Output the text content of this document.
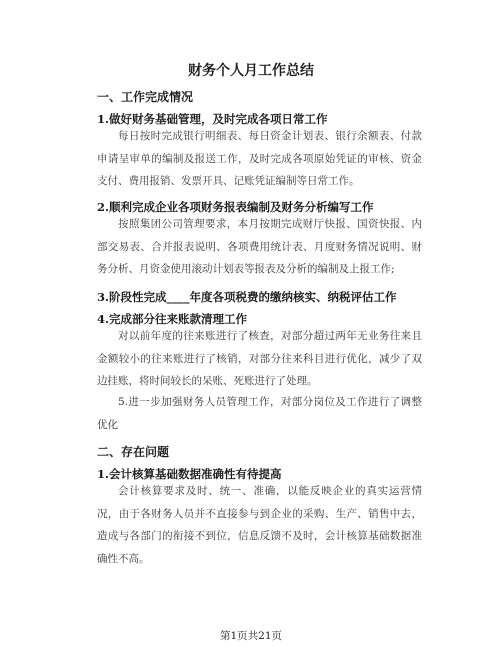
财务个人月工作总结
一、工作完成情况
1.做好财务基础管理，及时完成各项日常工作

每日按时完成银行明细表、每日资金计划表、银行余额表、付款申请呈审单的编制及报送工作，及时完成各项原始凭证的审核、资金支付、费用报销、发票开具、记账凭证编制等日常工作。

2.顺利完成企业各项财务报表编制及财务分析编写工作

按照集团公司管理要求，本月按期完成财厅快报、国资快报、内部交易表、合并报表说明、各项费用统计表、月度财务情况说明、财务分析、月资金使用滚动计划表等报表及分析的编制及上报工作;

3.阶段性完成____年度各项税费的缴纳核实、纳税评估工作
4.完成部分往来账款清理工作

对以前年度的往来账进行了核查，对部分超过两年无业务往来且金额较小的往来账进行了核销，对部分往来科目进行优化，减少了双边挂账，将时间较长的呆账、死账进行了处理。

5.进一步加强财务人员管理工作，对部分岗位及工作进行了调整优化

二、存在问题
1.会计核算基础数据准确性有待提高

会计核算要求及时、统一、准确，以能反映企业的真实运营情况，由于各财务人员并不直接参与到企业的采购、生产、销售中去，造成与各部门的衔接不到位，信息反馈不及时，会计核算基础数据准确性不高。

第1页共21页
